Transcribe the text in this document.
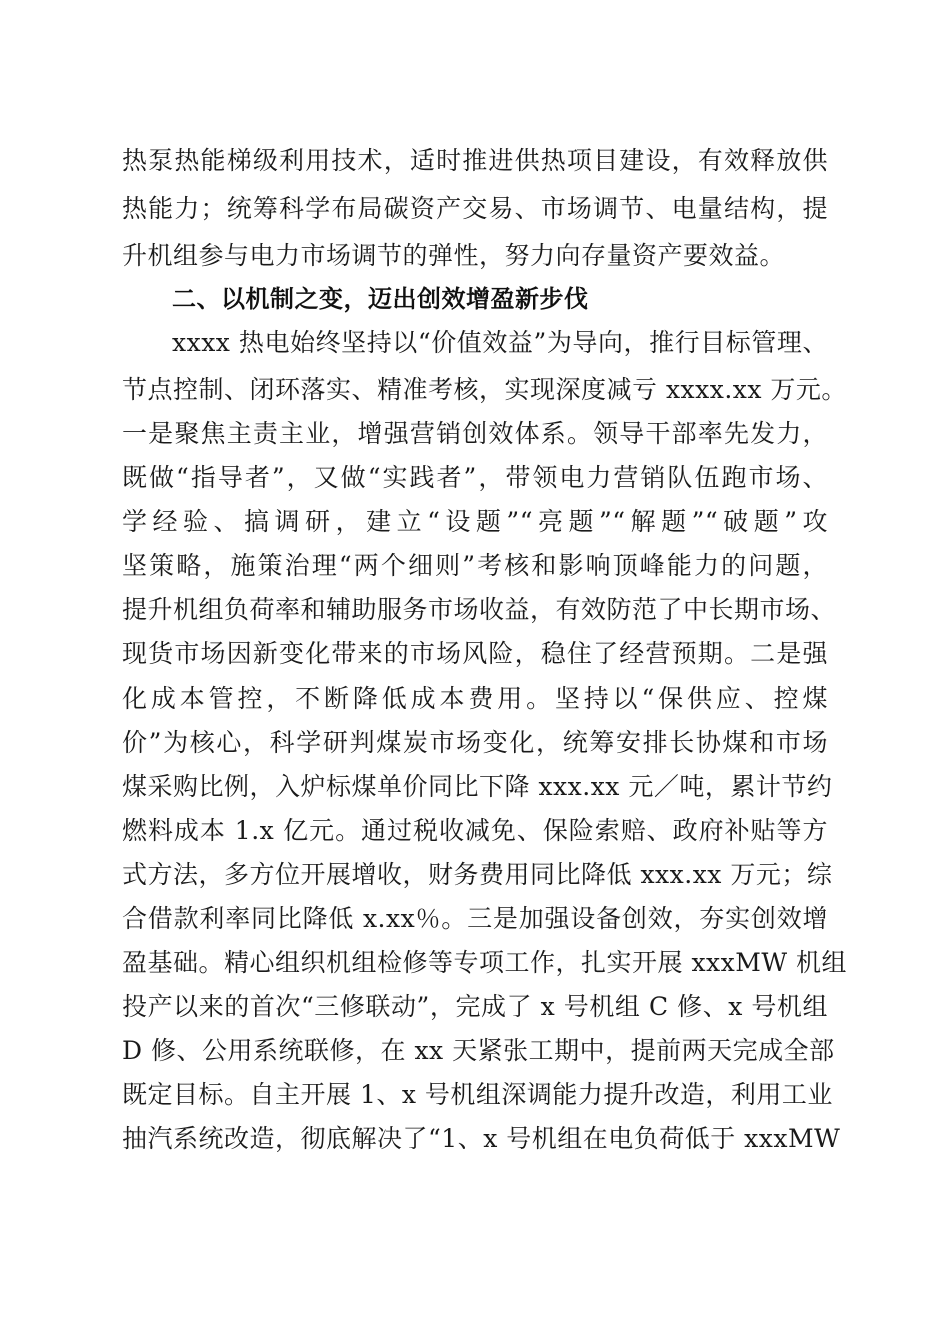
热泵热能梯级利用技术，适时推进供热项目建设，有效释放供
热能力；统筹科学布局碳资产交易、市场调节、电量结构，提
升机组参与电力市场调节的弹性，努力向存量资产要效益。
二、以机制之变，迈出创效增盈新步伐
xxxx 热电始终坚持以“价值效益”为导向，推行目标管理、
节点控制、闭环落实、精准考核，实现深度减亏 xxxx.xx 万元。
一是聚焦主责主业，增强营销创效体系。领导干部率先发力，
既做“指导者”，又做“实践者”，带领电力营销队伍跑市场、
学经验、搞调研，建立“设题”“亮题”“解题”“破题”攻
坚策略，施策治理“两个细则”考核和影响顶峰能力的问题，
提升机组负荷率和辅助服务市场收益，有效防范了中长期市场、
现货市场因新变化带来的市场风险，稳住了经营预期。二是强
化成本管控，不断降低成本费用。坚持以“保供应、控煤
价”为核心，科学研判煤炭市场变化，统筹安排长协煤和市场
煤采购比例，入炉标煤单价同比下降 xxx.xx 元／吨，累计节约
燃料成本 1.x 亿元。通过税收减免、保险索赔、政府补贴等方
式方法，多方位开展增收，财务费用同比降低 xxx.xx 万元；综
合借款利率同比降低 x.xx％。三是加强设备创效，夯实创效增
盈基础。精心组织机组检修等专项工作，扎实开展 xxxMW 机组
投产以来的首次“三修联动”，完成了 x 号机组 C 修、x 号机组
D 修、公用系统联修，在 xx 天紧张工期中，提前两天完成全部
既定目标。自主开展 1、x 号机组深调能力提升改造，利用工业
抽汽系统改造，彻底解决了“1、x 号机组在电负荷低于 xxxMW
